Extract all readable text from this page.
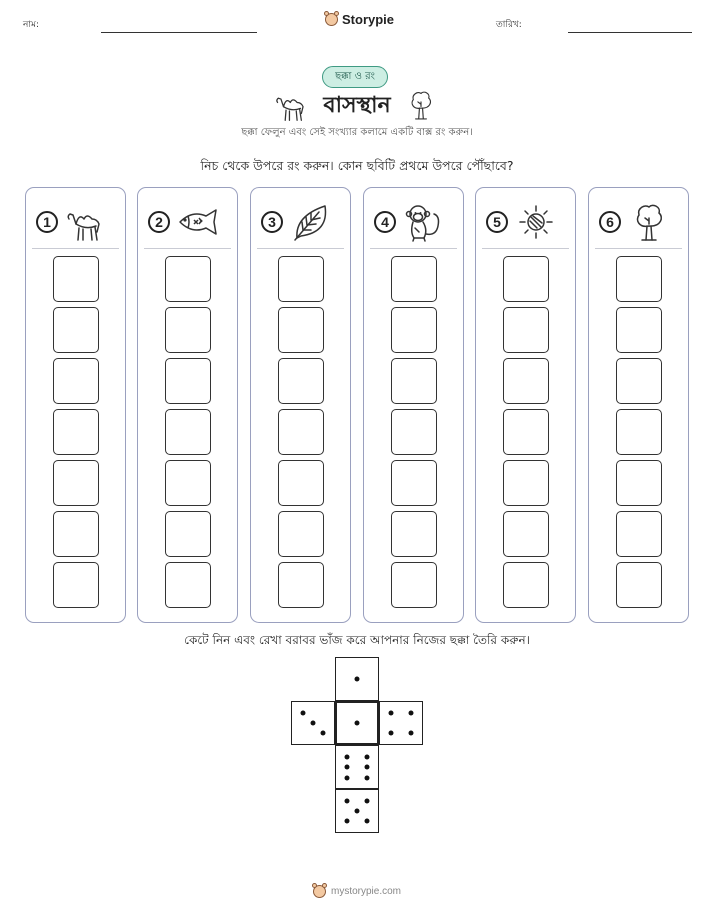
নাম:	Storypie	তারিখ:
ছক্কা ও রং
বাসস্থান
ছক্কা ফেলুন এবং সেই সংখ্যার কলামে একটি বাক্স রং করুন।
নিচ থেকে উপরে রং করুন। কোন ছবিটি প্রথমে উপরে পৌঁছাবে?
1	2	3	4	5	6
কেটে নিন এবং রেখা বরাবর ভাঁজ করে আপনার নিজের ছক্কা তৈরি করুন।
mystorypie.com
